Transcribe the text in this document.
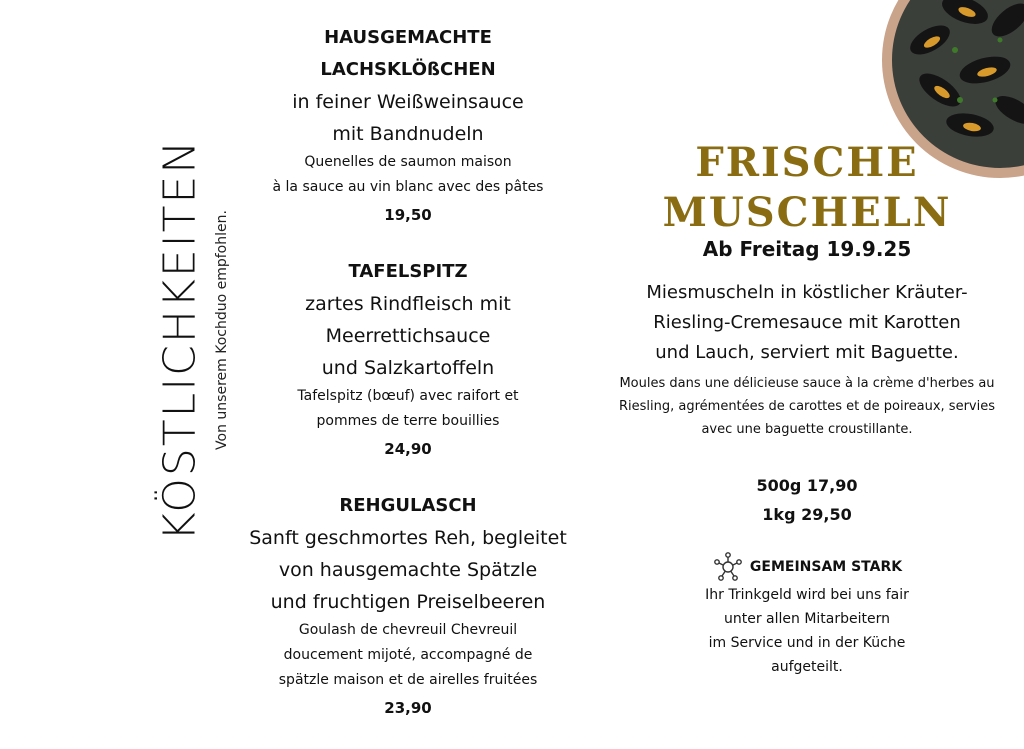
KÖSTLICHKEITEN Von unserem Kochduo empfohlen.
HAUSGEMACHTE
LACHSKLÖßCHEN
in feiner Weißweinsauce
mit Bandnudeln
Quenelles de saumon maison
à la sauce au vin blanc avec des pâtes
19,50
TAFELSPITZ
zartes Rindfleisch mit
Meerrettichsauce
und Salzkartoffeln
Tafelspitz (bœuf) avec raifort et
pommes de terre bouillies
24,90
REHGULASCH
Sanft geschmortes Reh, begleitet
von hausgemachte Spätzle
und fruchtigen Preiselbeeren
Goulash de chevreuil Chevreuil
doucement mijoté, accompagné de
spätzle maison et de airelles fruitées
23,90
FRISCHE
MUSCHELN
Ab Freitag 19.9.25
Miesmuscheln in köstlicher Kräuter-
Riesling-Cremesauce mit Karotten
und Lauch, serviert mit Baguette.
Moules dans une délicieuse sauce à la crème d'herbes au
Riesling, agrémentées de carottes et de poireaux, servies
avec une baguette croustillante.
500g 17,90
1kg 29,50
GEMEINSAM STARK
Ihr Trinkgeld wird bei uns fair
unter allen Mitarbeitern
im Service und in der Küche
aufgeteilt.
